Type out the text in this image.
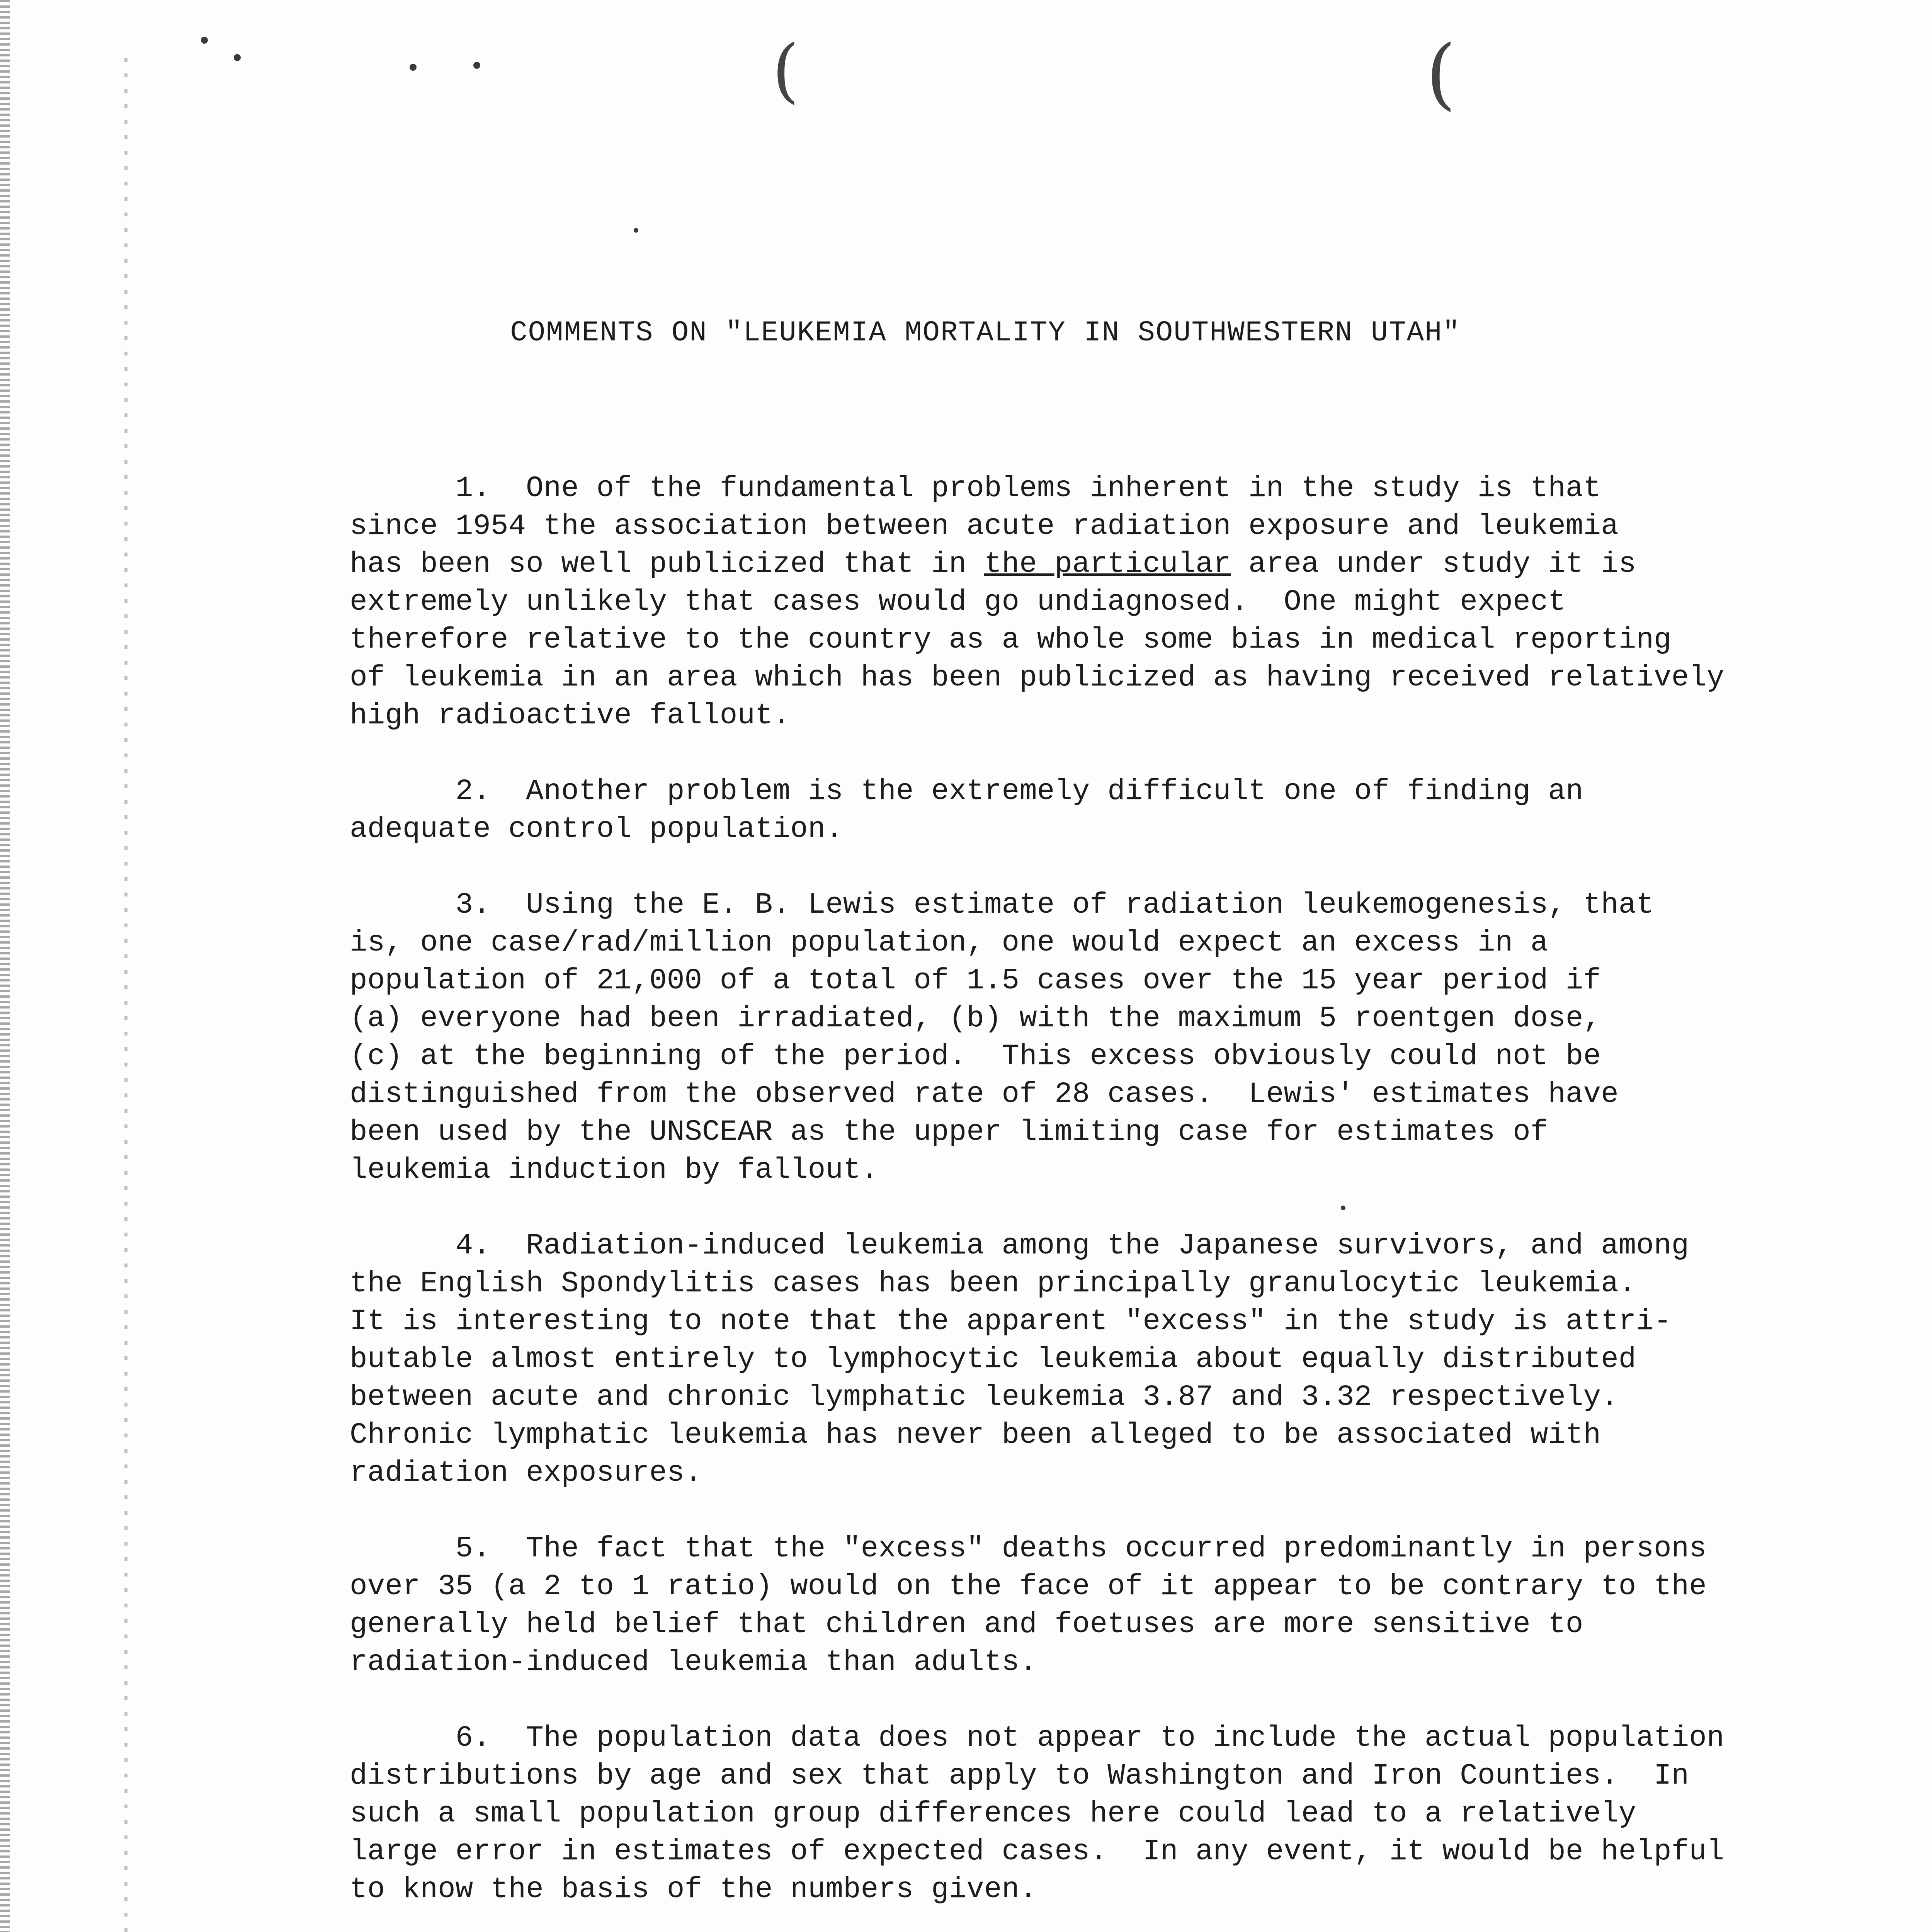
(	(
COMMENTS ON "LEUKEMIA MORTALITY IN SOUTHWESTERN UTAH"
1.  One of the fundamental problems inherent in the study is that
since 1954 the association between acute radiation exposure and leukemia
has been so well publicized that in the particular area under study it is
extremely unlikely that cases would go undiagnosed.  One might expect
therefore relative to the country as a whole some bias in medical reporting
of leukemia in an area which has been publicized as having received relatively
high radioactive fallout.
2.  Another problem is the extremely difficult one of finding an
adequate control population.
3.  Using the E. B. Lewis estimate of radiation leukemogenesis, that
is, one case/rad/million population, one would expect an excess in a
population of 21,000 of a total of 1.5 cases over the 15 year period if
(a) everyone had been irradiated, (b) with the maximum 5 roentgen dose,
(c) at the beginning of the period.  This excess obviously could not be
distinguished from the observed rate of 28 cases.  Lewis' estimates have
been used by the UNSCEAR as the upper limiting case for estimates of
leukemia induction by fallout.
4.  Radiation-induced leukemia among the Japanese survivors, and among
the English Spondylitis cases has been principally granulocytic leukemia.
It is interesting to note that the apparent "excess" in the study is attri-
butable almost entirely to lymphocytic leukemia about equally distributed
between acute and chronic lymphatic leukemia 3.87 and 3.32 respectively.
Chronic lymphatic leukemia has never been alleged to be associated with
radiation exposures.
5.  The fact that the "excess" deaths occurred predominantly in persons
over 35 (a 2 to 1 ratio) would on the face of it appear to be contrary to the
generally held belief that children and foetuses are more sensitive to
radiation-induced leukemia than adults.
6.  The population data does not appear to include the actual population
distributions by age and sex that apply to Washington and Iron Counties.  In
such a small population group differences here could lead to a relatively
large error in estimates of expected cases.  In any event, it would be helpful
to know the basis of the numbers given.
